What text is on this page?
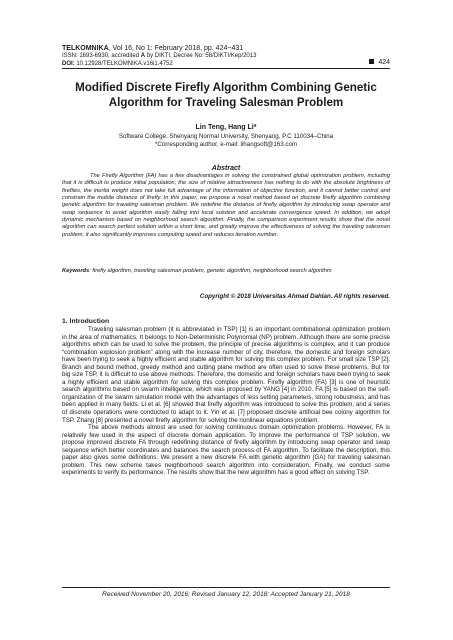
TELKOMNIKA, Vol 16, No 1: February 2018, pp. 424~431
ISSN: 1693-6930, accredited A by DIKTI, Decree No: 58/DIKTI/Kep/2013
DOI: 10.12928/TELKOMNIKA.v16i1.4752	424
Modified Discrete Firefly Algorithm Combining Genetic Algorithm for Traveling Salesman Problem
Lin Teng, Hang Li*
Software College, Shenyang Normal University, Shenyang, P.C 110034–China
*Corresponding author, e-mail: lihangsoft@163.com
Abstract
The Firefly Algorithm (FA) has a few disadvantages in solving the constrained global optimization problem, including that it is difficult to produce initial population, the size of relative attractiveness has nothing to do with the absolute brightness of fireflies, the inertia weight does not take full advantage of the information of objective function, and it cannot better control and constrain the mobile distance of firefly. In this paper, we propose a novel method based on discrete firefly algorithm combining genetic algorithm for traveling salesman problem. We redefine the distance of firefly algorithm by introducing swap operator and swap sequence to avoid algorithm easily falling into local solution and accelerate convergence speed. In addition, we adopt dynamic mechanism based on neighborhood search algorithm. Finally, the comparison experiment results show that the novel algorithm can search perfect solution within a short time, and greatly improve the effectiveness of solving the traveling salesman problem, it also significantly improves computing speed and reduces iteration number.
Keywords: firefly algorithm, traveling salesman problem, genetic algorithm, neighborhood search algorithm
Copyright © 2018 Universitas Ahmad Dahlan. All rights reserved.
1. Introduction

Traveling salesman problem (it is abbreviated in TSP) [1] is an important combinational optimization problem in the area of mathematics. It belongs to Non-Deterministic Polynomial (NP) problem. Although there are some precise algorithms which can be used to solve the problem, the principle of precise algorithms is complex, and it can produce “combination explosion problem” along with the increase number of city, therefore, the domestic and foreign scholars have been trying to seek a highly efficient and stable algorithm for solving this complex problem. For small size TSP [2], Branch and bound method, greedy method and cutting plane method are often used to solve these problems. But for big size TSP, it is difficult to use above methods. Therefore, the domestic and foreign scholars have been trying to seek a highly efficient and stable algorithm for solving this complex problem. Firefly algorithm (FA) [3] is one of heuristic search algorithms based on swarm intelligence, which was proposed by YANG [4] in 2010. FA [5] is based on the self-organization of the swarm simulation model with the advantages of less setting parameters, strong robustness, and has been applied in many fields. Li et al. [6] showed that firefly algorithm was introduced to solve this problem, and a series of discrete operations were conducted to adapt to it. Yin et al. [7] proposed discrete artificial bee colony algorithm for TSP. Zhang [8] presented a novel firefly algorithm for solving the nonlinear equations problem.

The above methods almost are used for solving continuous domain optimization problems. However, FA is relatively few used in the aspect of discrete domain application. To improve the performance of TSP solution, we propose improved discrete FA through redefining distance of firefly algorithm by introducing swap operator and swap sequence which better coordinates and balances the search process of FA algorithm. To facilitate the description, this paper also gives some definitions. We present a new discrete FA with genetic algorithm (GA) for traveling salesman problem. This new scheme takes neighborhood search algorithm into consideration. Finally, we conduct some experiments to verify its performance. The results show that the new algorithm has a good effect on solving TSP.

Received November 20, 2016; Revised January 12, 2018; Accepted January 21, 2018
